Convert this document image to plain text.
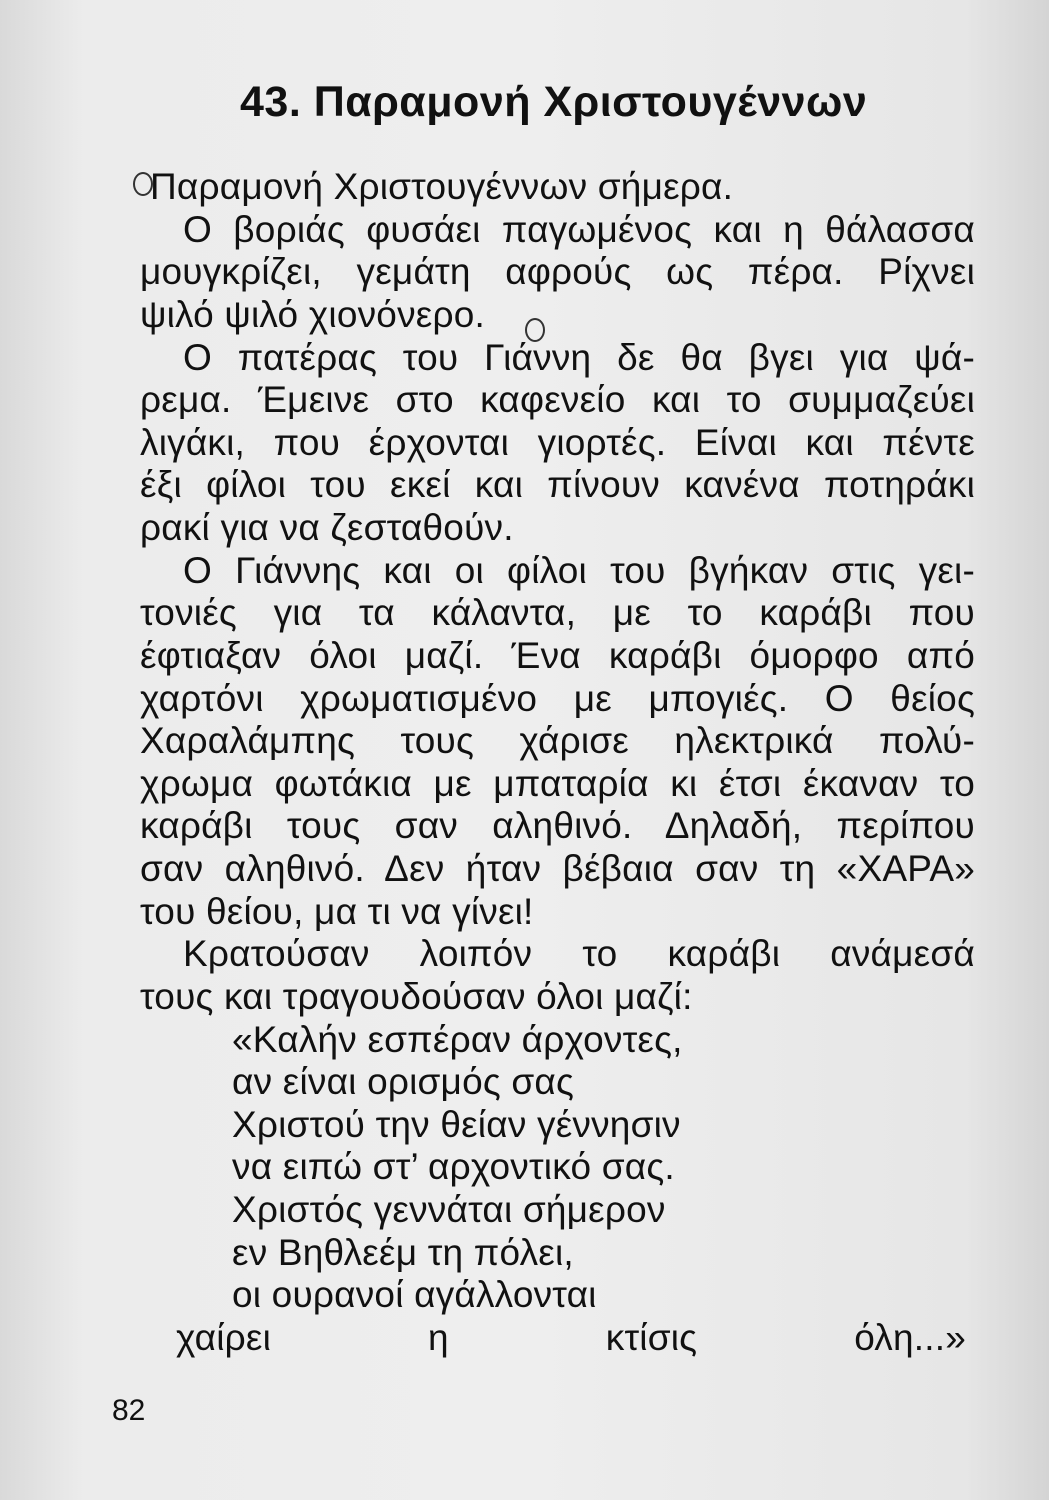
43. Παραμονή Χριστουγέννων
Παραμονή Χριστουγέννων σήμερα.
Ο βοριάς φυσάει παγωμένος και η θάλασσα
μουγκρίζει, γεμάτη αφρούς ως πέρα. Ρίχνει
ψιλό ψιλό χιονόνερο.
Ο πατέρας του Γιάννη δε θα βγει για ψά-
ρεμα. Έμεινε στο καφενείο και το συμμαζεύει
λιγάκι, που έρχονται γιορτές. Είναι και πέντε
έξι φίλοι του εκεί και πίνουν κανένα ποτηράκι
ρακί για να ζεσταθούν.
Ο Γιάννης και οι φίλοι του βγήκαν στις γει-
τονιές για τα κάλαντα, με το καράβι που
έφτιαξαν όλοι μαζί. Ένα καράβι όμορφο από
χαρτόνι χρωματισμένο με μπογιές. Ο θείος
Χαραλάμπης τους χάρισε ηλεκτρικά πολύ-
χρωμα φωτάκια με μπαταρία κι έτσι έκαναν το
καράβι τους σαν αληθινό. Δηλαδή, περίπου
σαν αληθινό. Δεν ήταν βέβαια σαν τη «ΧΑΡΑ»
του θείου, μα τι να γίνει!
Κρατούσαν λοιπόν το καράβι ανάμεσά
τους και τραγουδούσαν όλοι μαζί:
«Καλήν εσπέραν άρχοντες,
αν είναι ορισμός σας
Χριστού την θείαν γέννησιν
να ειπώ στ’ αρχοντικό σας.
Χριστός γεννάται σήμερον
εν Βηθλεέμ τη πόλει,
οι ουρανοί αγάλλονται
χαίρει η κτίσις όλη...»
82
